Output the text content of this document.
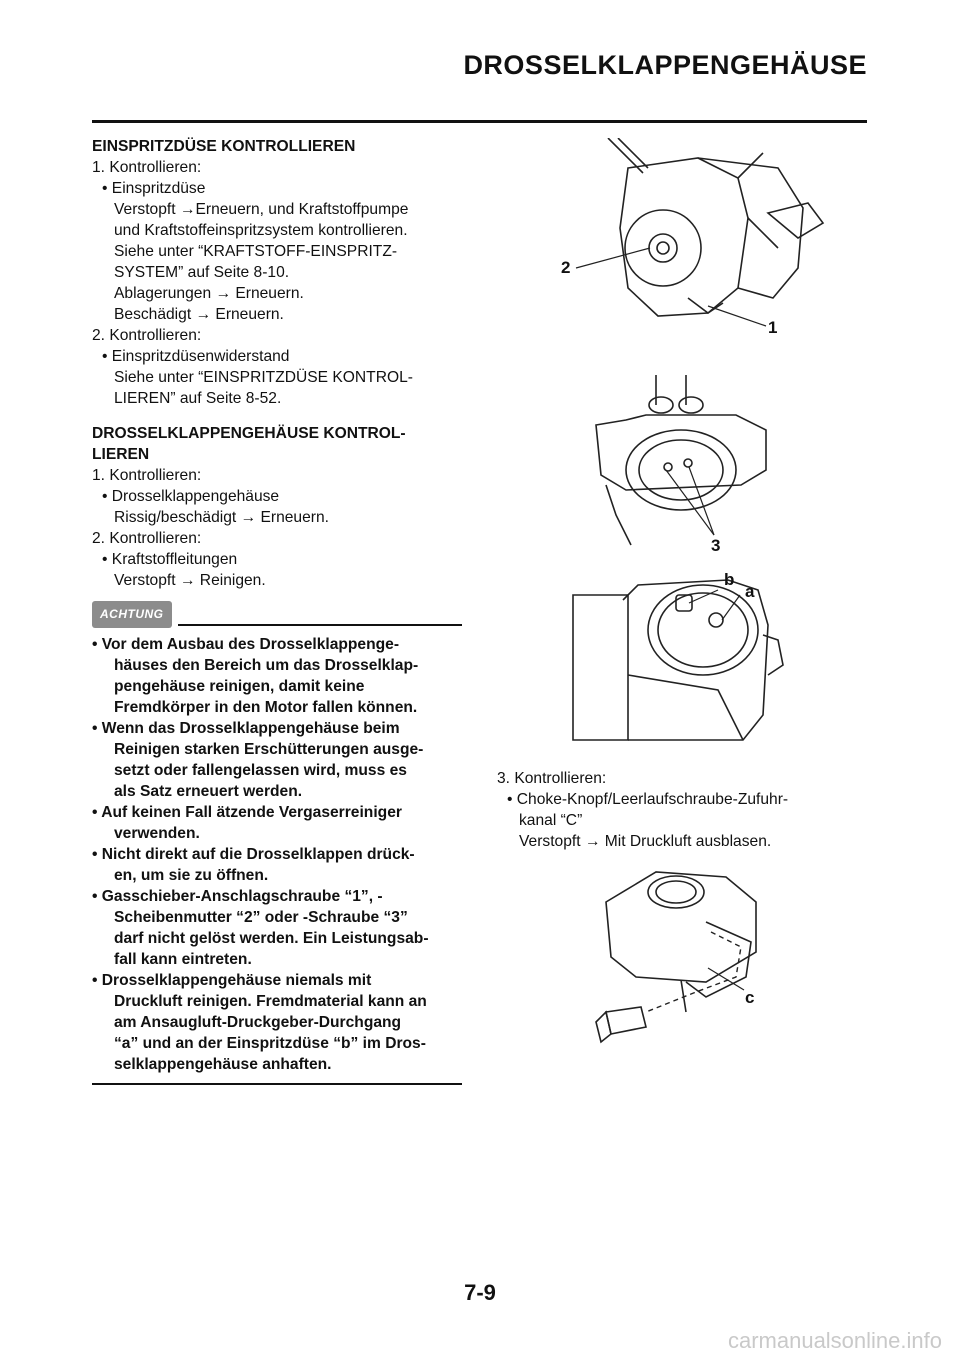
DROSSELKLAPPENGEHÄUSE

EINSPRITZDÜSE KONTROLLIEREN

1. Kontrollieren:
• Einspritzdüse
Verstopft →Erneuern, und Kraftstoffpumpe
und Kraftstoffeinspritzsystem kontrollieren.
Siehe unter “KRAFTSTOFF-EINSPRITZ-
SYSTEM” auf Seite 8-10.
Ablagerungen → Erneuern.
Beschädigt → Erneuern.
2. Kontrollieren:
• Einspritzdüsenwiderstand
Siehe unter “EINSPRITZDÜSE KONTROL-
LIEREN” auf Seite 8-52.

DROSSELKLAPPENGEHÄUSE KONTROL-

LIEREN

1. Kontrollieren:
• Drosselklappengehäuse
Rissig/beschädigt → Erneuern.
2. Kontrollieren:
• Kraftstoffleitungen
Verstopft → Reinigen.
ACHTUNG
• Vor dem Ausbau des Drosselklappenge-
häuses den Bereich um das Drosselklap-
pengehäuse reinigen, damit keine
Fremdkörper in den Motor fallen können.
• Wenn das Drosselklappengehäuse beim
Reinigen starken Erschütterungen ausge-
setzt oder fallengelassen wird, muss es
als Satz erneuert werden.
• Auf keinen Fall ätzende Vergaserreiniger
verwenden.
• Nicht direkt auf die Drosselklappen drück-
en, um sie zu öffnen.
• Gasschieber-Anschlagschraube “1”, -
Scheibenmutter “2” oder -Schraube “3”
darf nicht gelöst werden. Ein Leistungsab-
fall kann eintreten.
• Drosselklappengehäuse niemals mit
Druckluft reinigen. Fremdmaterial kann an
am Ansaugluft-Druckgeber-Durchgang
“a” und an der Einspritzdüse “b” im Dros-
selklappengehäuse anhaften.
2
1
3
b
a
3. Kontrollieren:
• Choke-Knopf/Leerlaufschraube-Zufuhr-
kanal “C”
Verstopft → Mit Druckluft ausblasen.
c
7-9
carmanualsonline.info
